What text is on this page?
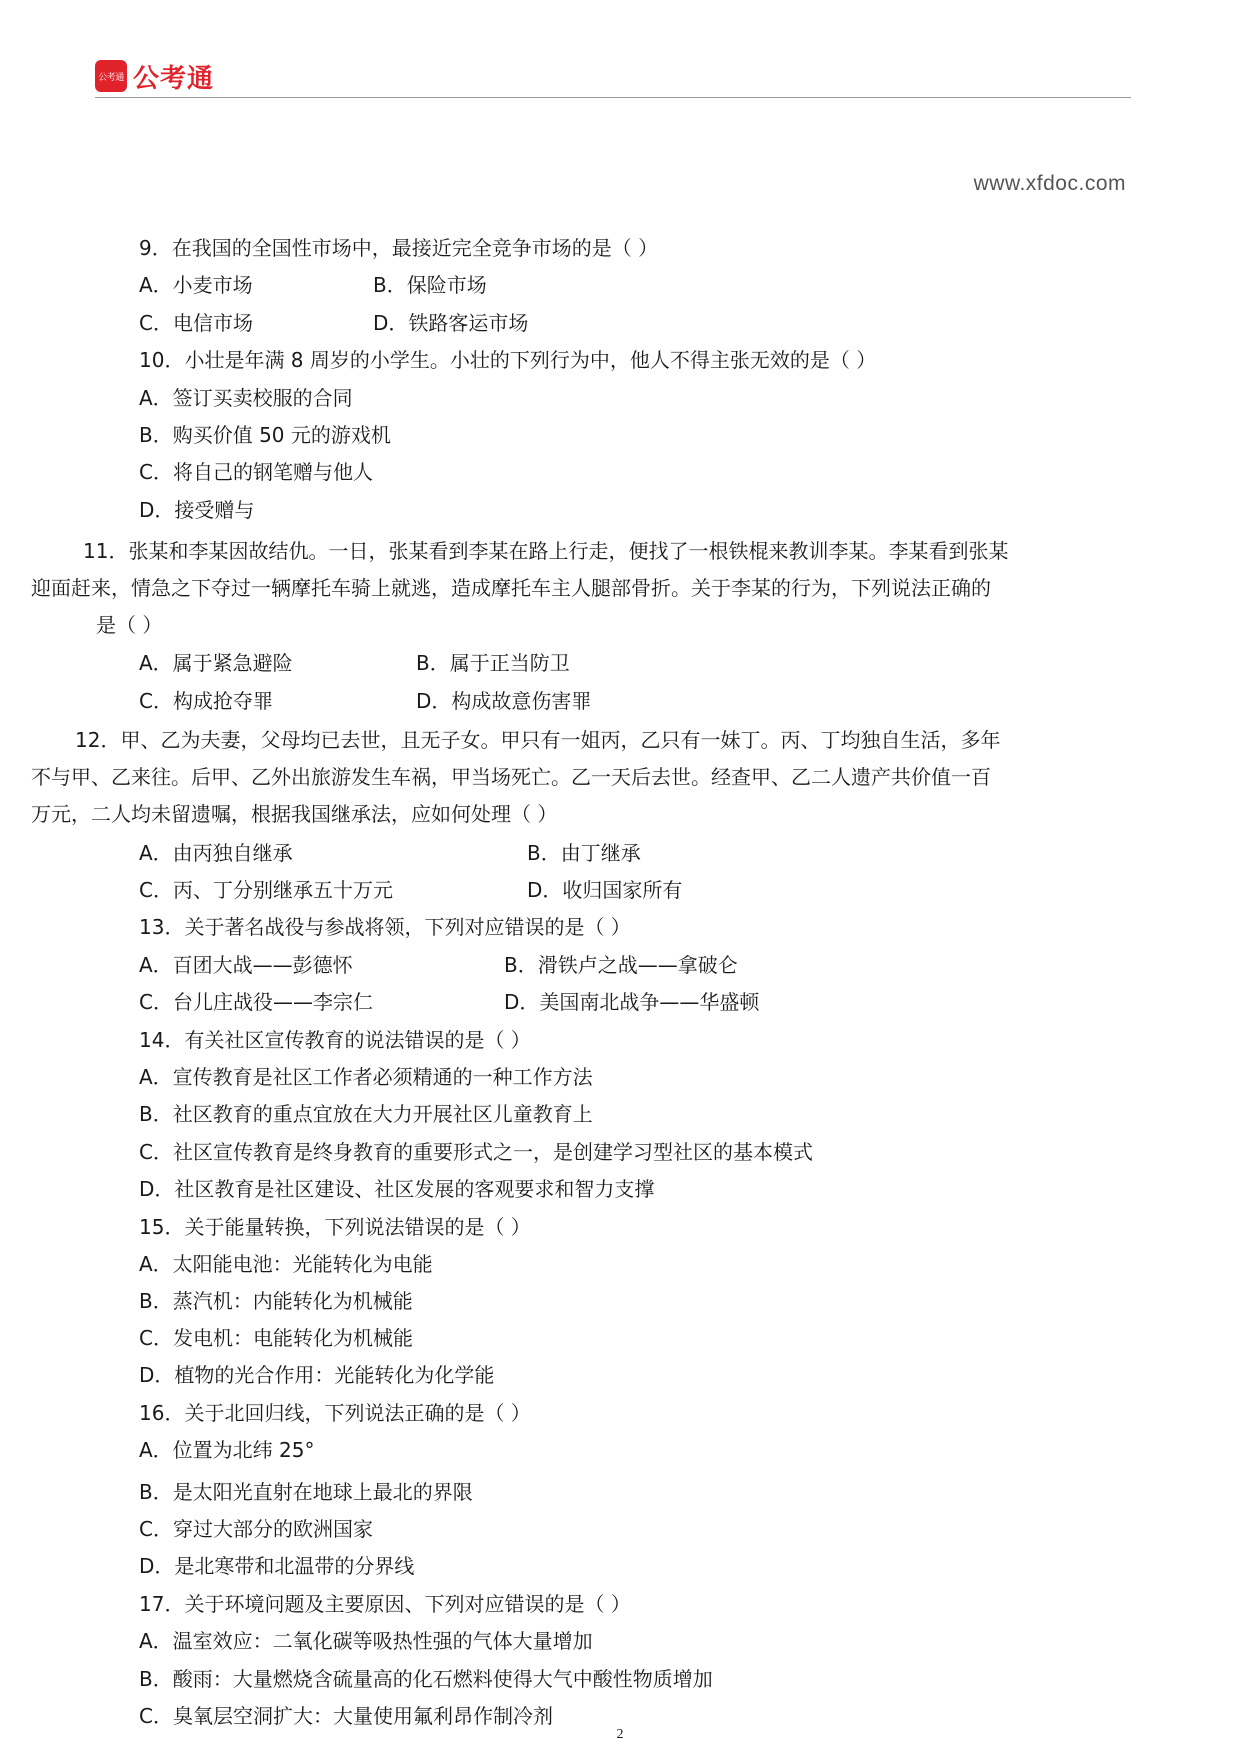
公考通 公考通
www.xfdoc.com
9．在我国的全国性市场中，最接近完全竞争市场的是（ ）
A．小麦市场	B．保险市场
C．电信市场	D．铁路客运市场
10．小壮是年满 8 周岁的小学生。小壮的下列行为中，他人不得主张无效的是（ ）
A．签订买卖校服的合同
B．购买价值 50 元的游戏机
C．将自己的钢笔赠与他人
D．接受赠与
11．张某和李某因故结仇。一日，张某看到李某在路上行走，便找了一根铁棍来教训李某。李某看到张某
迎面赶来，情急之下夺过一辆摩托车骑上就逃，造成摩托车主人腿部骨折。关于李某的行为，下列说法正确的
是（ ）
A．属于紧急避险	B．属于正当防卫
C．构成抢夺罪	D．构成故意伤害罪
12．甲、乙为夫妻，父母均已去世，且无子女。甲只有一姐丙，乙只有一妹丁。丙、丁均独自生活，多年
不与甲、乙来往。后甲、乙外出旅游发生车祸，甲当场死亡。乙一天后去世。经查甲、乙二人遗产共价值一百
万元，二人均未留遗嘱，根据我国继承法，应如何处理（ ）
A．由丙独自继承	B．由丁继承
C．丙、丁分别继承五十万元	D．收归国家所有
13．关于著名战役与参战将领，下列对应错误的是（ ）
A．百团大战——彭德怀	B．滑铁卢之战——拿破仑
C．台儿庄战役——李宗仁	D．美国南北战争——华盛顿
14．有关社区宣传教育的说法错误的是（ ）
A．宣传教育是社区工作者必须精通的一种工作方法
B．社区教育的重点宜放在大力开展社区儿童教育上
C．社区宣传教育是终身教育的重要形式之一，是创建学习型社区的基本模式
D．社区教育是社区建设、社区发展的客观要求和智力支撑
15．关于能量转换，下列说法错误的是（ ）
A．太阳能电池：光能转化为电能
B．蒸汽机：内能转化为机械能
C．发电机：电能转化为机械能
D．植物的光合作用：光能转化为化学能
16．关于北回归线，下列说法正确的是（ ）
A．位置为北纬 25°
B．是太阳光直射在地球上最北的界限
C．穿过大部分的欧洲国家
D．是北寒带和北温带的分界线
17．关于环境问题及主要原因、下列对应错误的是（ ）
A．温室效应：二氧化碳等吸热性强的气体大量增加
B．酸雨：大量燃烧含硫量高的化石燃料使得大气中酸性物质增加
C．臭氧层空洞扩大：大量使用氟利昂作制冷剂
2
